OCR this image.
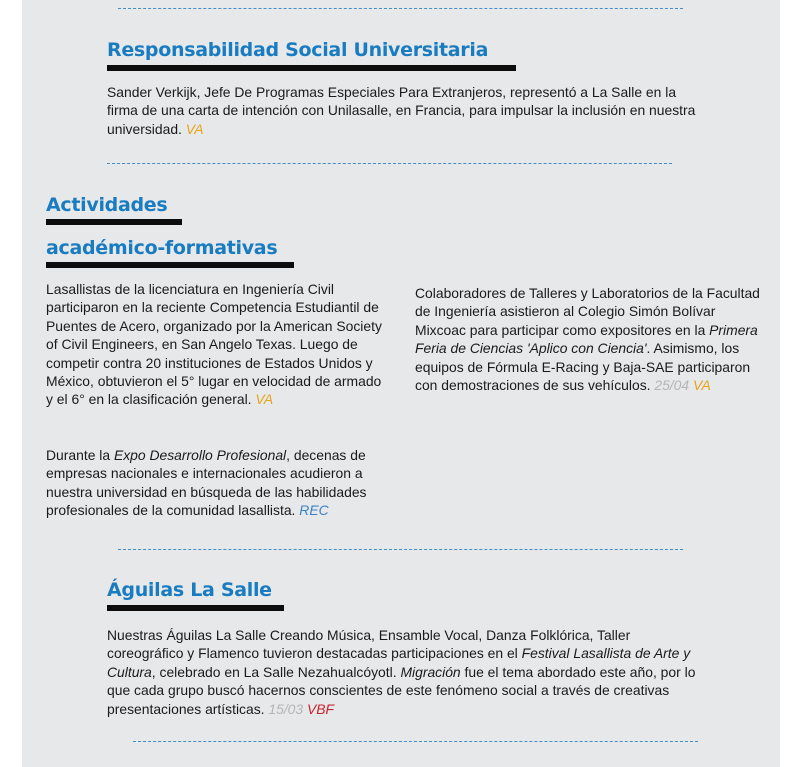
Responsabilidad Social Universitaria

Sander Verkijk, Jefe De Programas Especiales Para Extranjeros, representó a La Salle en la firma de una carta de intención con Unilasalle, en Francia, para impulsar la inclusión en nuestra universidad. VA

Actividades
académico-formativas

Lasallistas de la licenciatura en Ingeniería Civil participaron en la reciente Competencia Estudiantil de Puentes de Acero, organizado por la American Society of Civil Engineers, en San Angelo Texas. Luego de competir contra 20 instituciones de Estados Unidos y México, obtuvieron el 5° lugar en velocidad de armado y el 6° en la clasificación general. VA

Durante la Expo Desarrollo Profesional, decenas de empresas nacionales e internacionales acudieron a nuestra universidad en búsqueda de las habilidades profesionales de la comunidad lasallista. REC

Colaboradores de Talleres y Laboratorios de la Facultad de Ingeniería asistieron al Colegio Simón Bolívar Mixcoac para participar como expositores en la Primera Feria de Ciencias 'Aplico con Ciencia'. Asimismo, los equipos de Fórmula E-Racing y Baja-SAE participaron con demostraciones de sus vehículos. 25/04 VA

Águilas La Salle

Nuestras Águilas La Salle Creando Música, Ensamble Vocal, Danza Folklórica, Taller coreográfico y Flamenco tuvieron destacadas participaciones en el Festival Lasallista de Arte y Cultura, celebrado en La Salle Nezahualcóyotl. Migración fue el tema abordado este año, por lo que cada grupo buscó hacernos conscientes de este fenómeno social a través de creativas presentaciones artísticas. 15/03 VBF
